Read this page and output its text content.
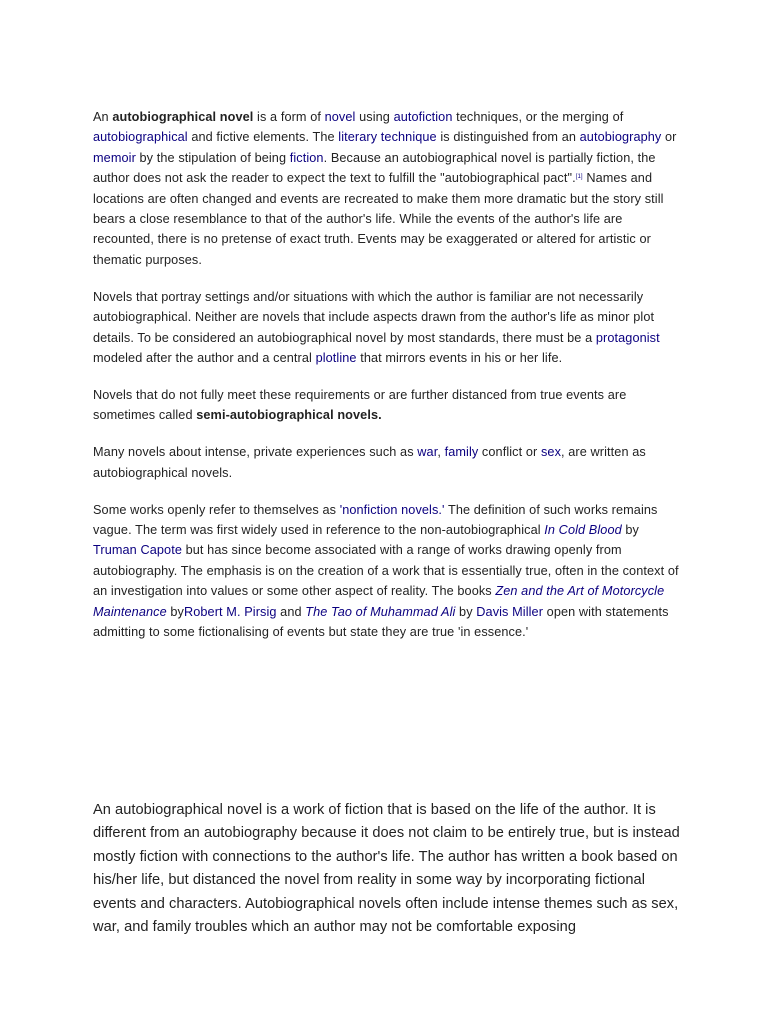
An autobiographical novel is a form of novel using autofiction techniques, or the merging of autobiographical and fictive elements. The literary technique is distinguished from an autobiography or memoir by the stipulation of being fiction. Because an autobiographical novel is partially fiction, the author does not ask the reader to expect the text to fulfill the "autobiographical pact".[1] Names and locations are often changed and events are recreated to make them more dramatic but the story still bears a close resemblance to that of the author's life. While the events of the author's life are recounted, there is no pretense of exact truth. Events may be exaggerated or altered for artistic or thematic purposes.

Novels that portray settings and/or situations with which the author is familiar are not necessarily autobiographical. Neither are novels that include aspects drawn from the author's life as minor plot details. To be considered an autobiographical novel by most standards, there must be a protagonist modeled after the author and a central plotline that mirrors events in his or her life.

Novels that do not fully meet these requirements or are further distanced from true events are sometimes called semi-autobiographical novels.

Many novels about intense, private experiences such as war, family conflict or sex, are written as autobiographical novels.

Some works openly refer to themselves as 'nonfiction novels.' The definition of such works remains vague. The term was first widely used in reference to the non-autobiographical In Cold Blood by Truman Capote but has since become associated with a range of works drawing openly from autobiography. The emphasis is on the creation of a work that is essentially true, often in the context of an investigation into values or some other aspect of reality. The books Zen and the Art of Motorcycle Maintenance byRobert M. Pirsig and The Tao of Muhammad Ali by Davis Miller open with statements admitting to some fictionalising of events but state they are true 'in essence.'

An autobiographical novel is a work of fiction that is based on the life of the author. It is different from an autobiography because it does not claim to be entirely true, but is instead mostly fiction with connections to the author's life. The author has written a book based on his/her life, but distanced the novel from reality in some way by incorporating fictional events and characters. Autobiographical novels often include intense themes such as sex, war, and family troubles which an author may not be comfortable exposing
